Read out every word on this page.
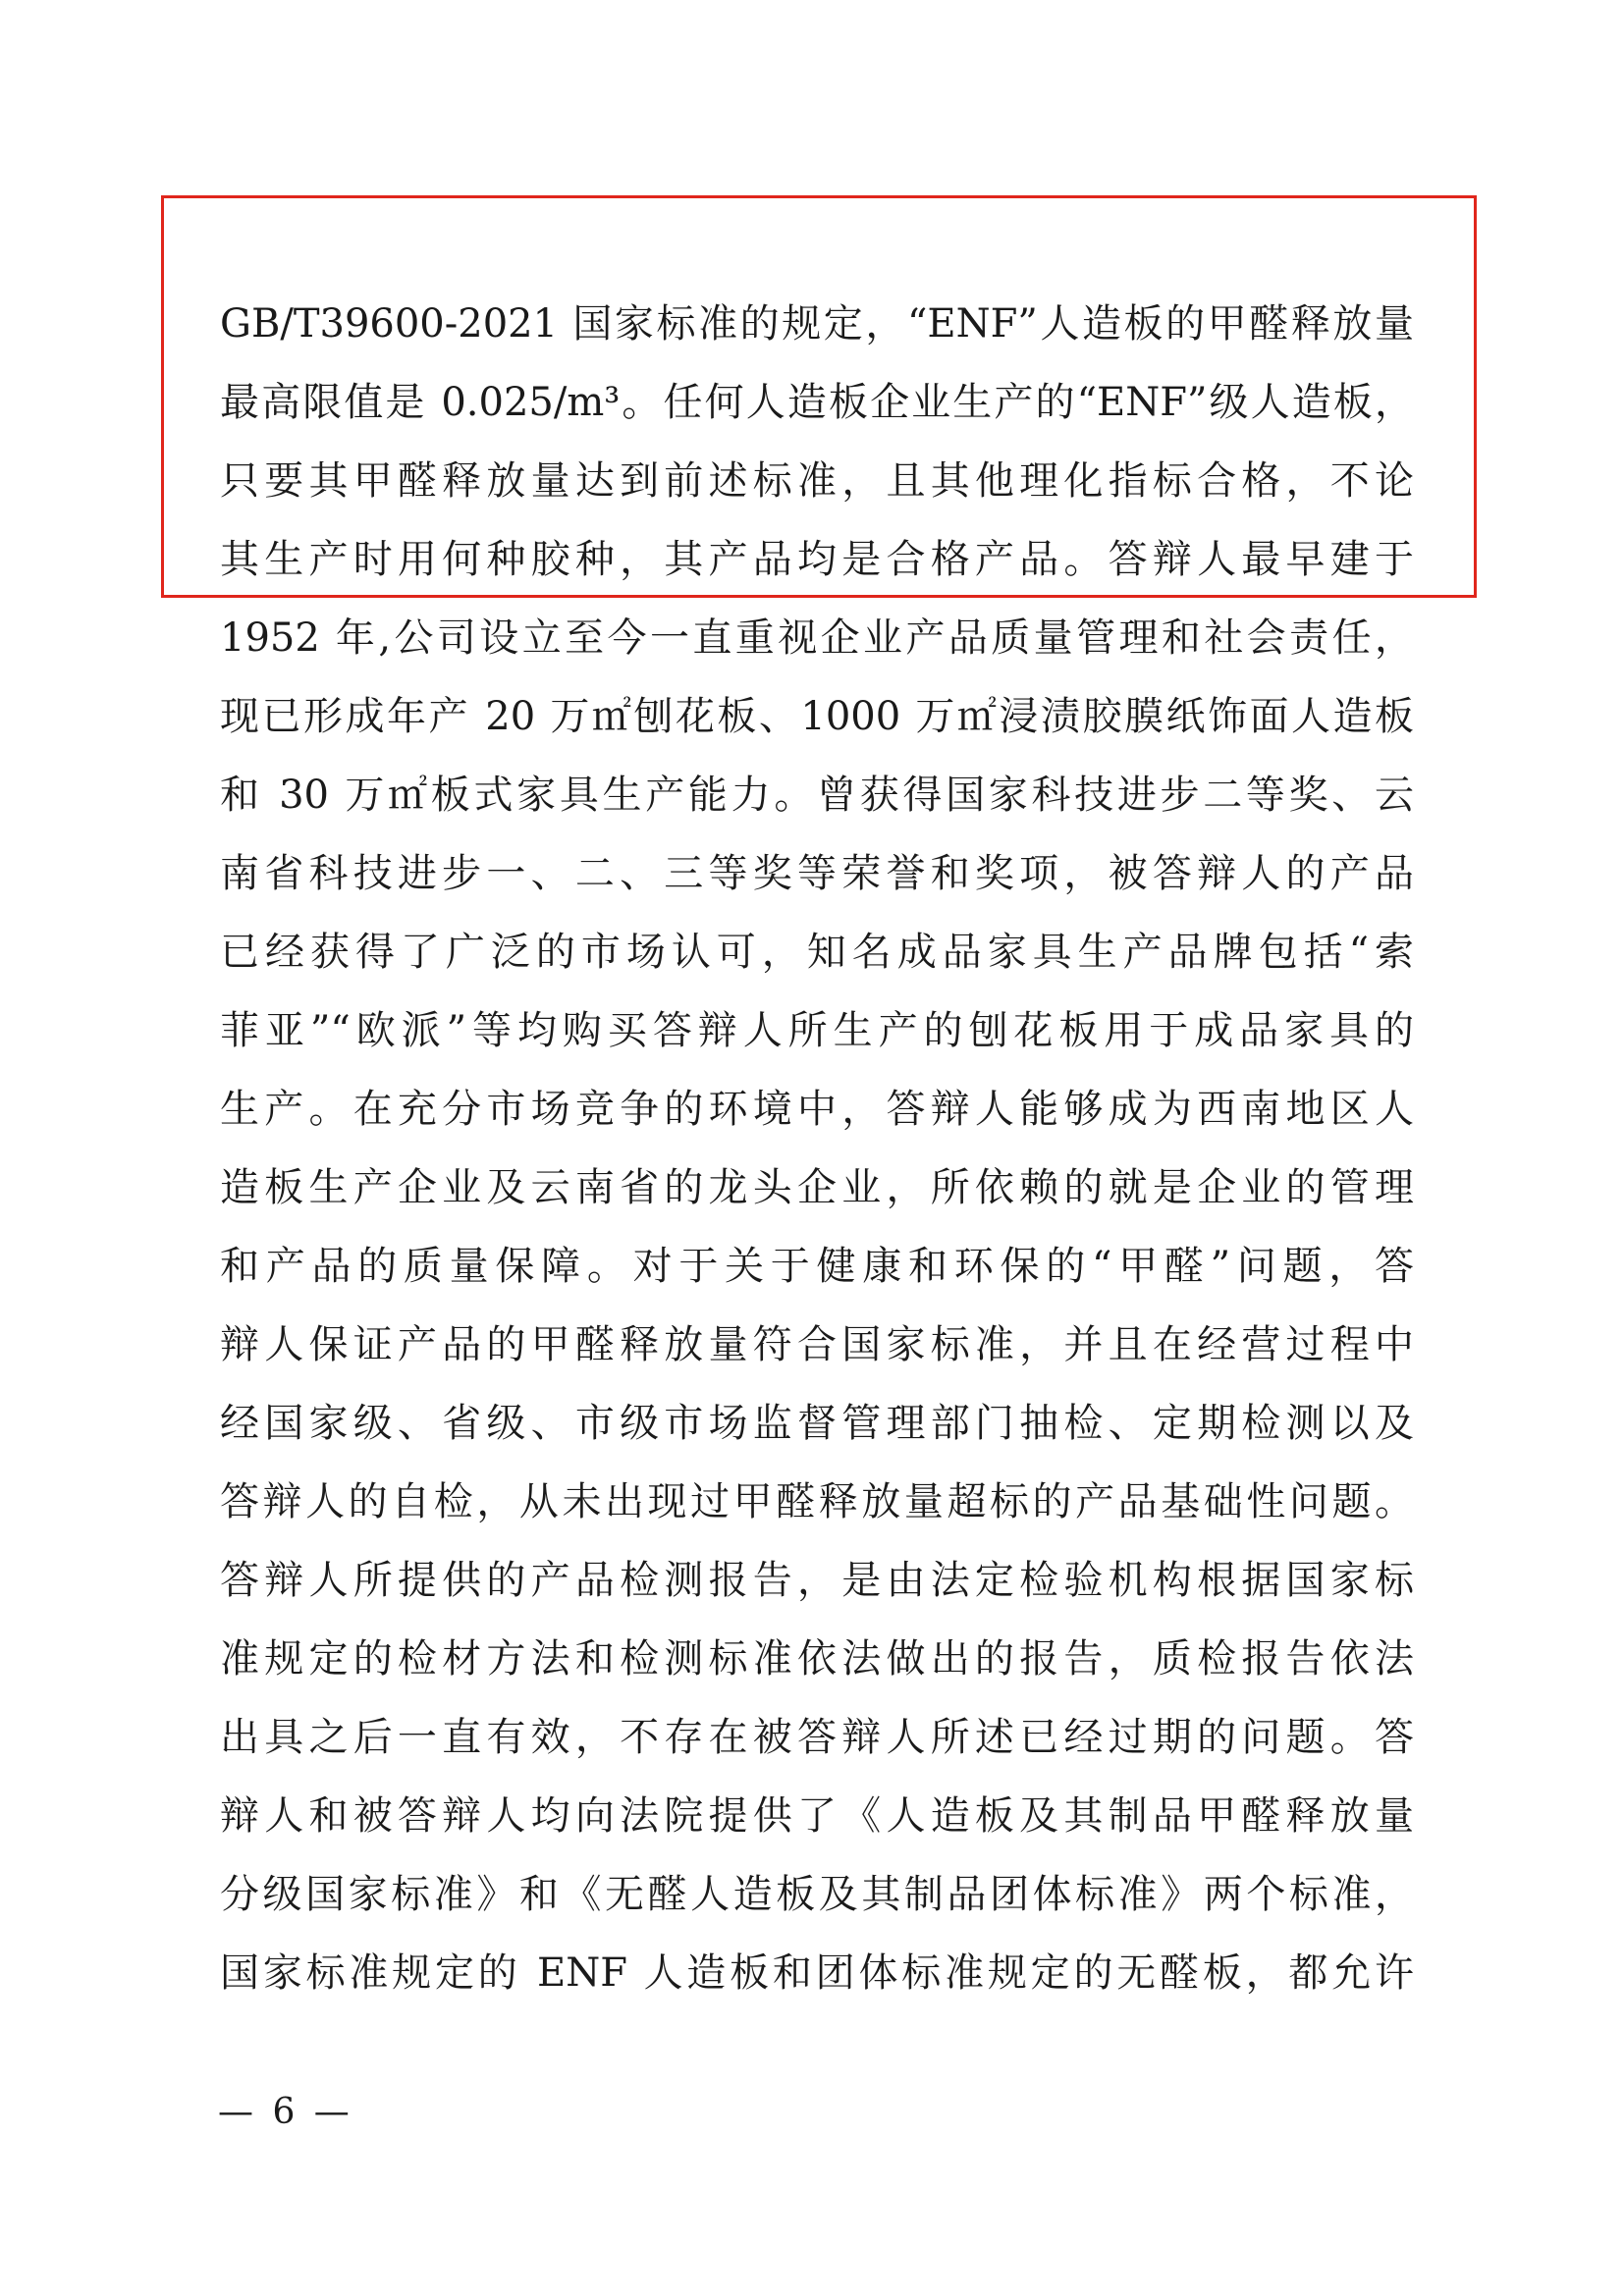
GB/T39600-2021 国家标准的规定，“ENF”人造板的甲醛释放量
最高限值是 0.025/m³。任何人造板企业生产的“ENF”级人造板，
只要其甲醛释放量达到前述标准，且其他理化指标合格，不论
其生产时用何种胶种，其产品均是合格产品。答辩人最早建于
1952 年,公司设立至今一直重视企业产品质量管理和社会责任，
现已形成年产 20 万㎡刨花板、1000 万㎡浸渍胶膜纸饰面人造板
和 30 万㎡板式家具生产能力。曾获得国家科技进步二等奖、云
南省科技进步一、二、三等奖等荣誉和奖项，被答辩人的产品
已经获得了广泛的市场认可，知名成品家具生产品牌包括“索
菲亚”“欧派”等均购买答辩人所生产的刨花板用于成品家具的
生产。在充分市场竞争的环境中，答辩人能够成为西南地区人
造板生产企业及云南省的龙头企业，所依赖的就是企业的管理
和产品的质量保障。对于关于健康和环保的“甲醛”问题，答
辩人保证产品的甲醛释放量符合国家标准，并且在经营过程中
经国家级、省级、市级市场监督管理部门抽检、定期检测以及
答辩人的自检，从未出现过甲醛释放量超标的产品基础性问题。
答辩人所提供的产品检测报告，是由法定检验机构根据国家标
准规定的检材方法和检测标准依法做出的报告，质检报告依法
出具之后一直有效，不存在被答辩人所述已经过期的问题。答
辩人和被答辩人均向法院提供了《人造板及其制品甲醛释放量
分级国家标准》和《无醛人造板及其制品团体标准》两个标准，
国家标准规定的 ENF 人造板和团体标准规定的无醛板，都允许
— 6 —
